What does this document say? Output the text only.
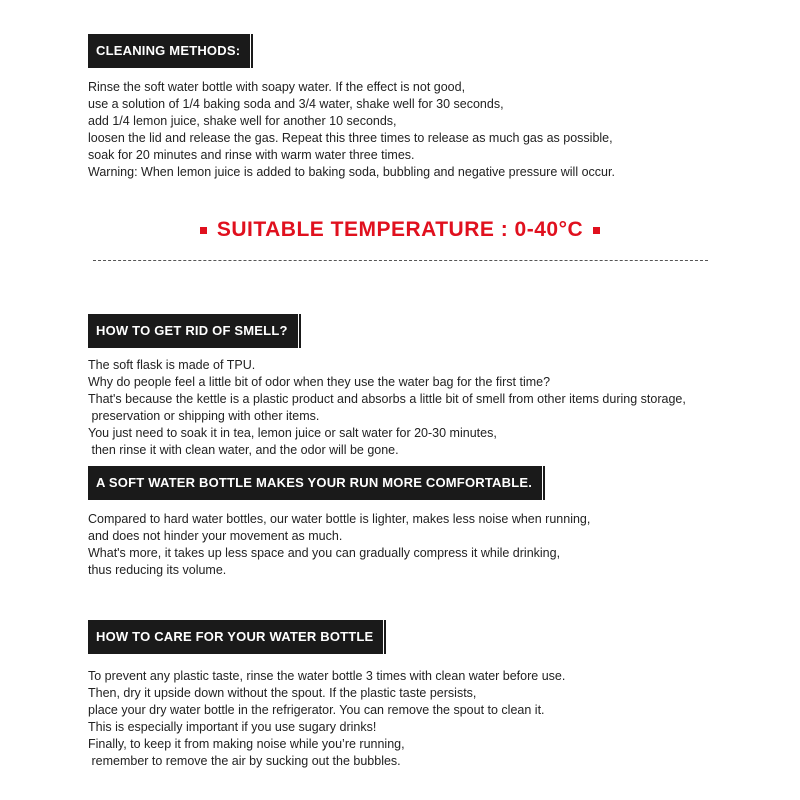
CLEANING METHODS:
Rinse the soft water bottle with soapy water. If the effect is not good,
use a solution of 1/4 baking soda and 3/4 water, shake well for 30 seconds,
add 1/4 lemon juice, shake well for another 10 seconds,
loosen the lid and release the gas. Repeat this three times to release as much gas as possible,
soak for 20 minutes and rinse with warm water three times.
Warning: When lemon juice is added to baking soda, bubbling and negative pressure will occur.
SUITABLE TEMPERATURE : 0-40°C
HOW TO GET RID OF SMELL?
The soft flask is made of TPU.
Why do people feel a little bit of odor when they use the water bag for the first time?
That's because the kettle is a plastic product and absorbs a little bit of smell from other items during storage,
preservation or shipping with other items.
You just need to soak it in tea, lemon juice or salt water for 20-30 minutes,
then rinse it with clean water, and the odor will be gone.
A SOFT WATER BOTTLE MAKES YOUR RUN MORE COMFORTABLE.
Compared to hard water bottles, our water bottle is lighter, makes less noise when running,
and does not hinder your movement as much.
What's more, it takes up less space and you can gradually compress it while drinking,
thus reducing its volume.
HOW TO CARE FOR YOUR WATER BOTTLE
To prevent any plastic taste, rinse the water bottle 3 times with clean water before use.
Then, dry it upside down without the spout. If the plastic taste persists,
place your dry water bottle in the refrigerator. You can remove the spout to clean it.
This is especially important if you use sugary drinks!
Finally, to keep it from making noise while you’re running,
remember to remove the air by sucking out the bubbles.
